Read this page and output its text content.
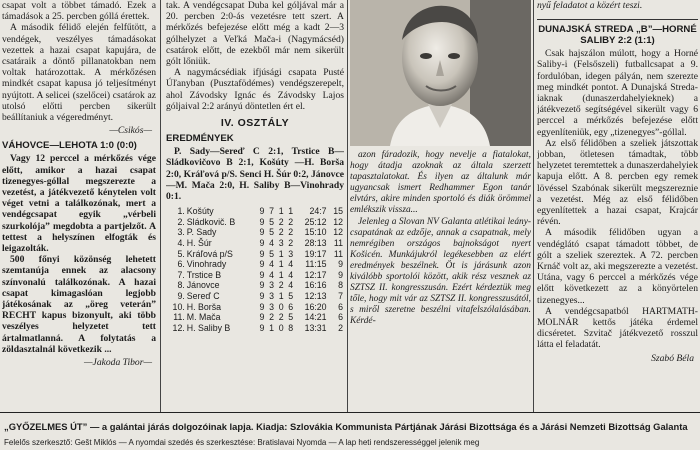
csapat volt a többet támadó. Ezek a támadások a 25. percben góllá érettek.

A második félidő elején felfűtött, a vendégek, veszélyes támadásokat vezettek a hazai csapat kapujára, de csatáraik a döntő pillanatokban nem voltak határozottak. A mérkőzésen mindkét csapat kapusa jó teljesítményt nyújtott. A selicei (szelőcei) csatárok az utolsó előtti percben sikerült beállítaniuk a végeredményt.

—Csikós—
VÁHOVCE—LEHOTA 1:0 (0:0)

Vagy 12 perccel a mérkőzés vége előtt, amikor a hazai csapat tizenegyes-góllal megszerezte a vezetést, a játékvezető kénytelen volt véget vetni a találkozónak, mert a vendégcsapat egyik „vérbeli szurkolója” megdobta a partjelzőt. A tettest a helyszínen elfogták és leigazolták.

500 főnyi közönség lehetett szemtanúja ennek az alacsony színvonalú találkozónak. A hazai csapat kimagaslóan legjobb játékosának az „öreg veterán” RECHT kapus bizonyult, aki több veszélyes helyzetet tett ártalmatlanná. A folytatás a zöldasztalnál következik ...

—Jakoda Tibor—

tak. A vendégcsapat Duba kel góljával már a 20. percben 2:0-ás vezetésre tett szert. A mérkőzés befejezése előtt még a kadt 2—3 gólhelyzet a Veľká Mača-i (Nagymácséd) csatárok előtt, de ezekből már nem sikerült gólt lőniük.

A nagymácsédiak ifjúsági csapata Pusté Úľanyban (Pusztafödémes) vendégszerepelt, ahol Závodsky Ignác és Závodsky Lajos góljaival 2:2 arányú döntetlen ért el.

IV. OSZTÁLY
EREDMÉNYEK

P. Sady—Sereď C 2:1, Trstice B—Sládkovičovo B 2:1, Košúty —H. Borša 2:0, Kráľová p/S. Senci H. Šúr 0:2, Jánovce—M. Mača 2:0, H. Saliby B—Vinohrady 0:1.

1.	Košúty	9	7	1	1	24:7	15
2.	Sládkovič. B	9	5	2	2	25:12	12
3.	P. Sady	9	5	2	2	15:10	12
4.	H. Šúr	9	4	3	2	28:13	11
5.	Kráľová p/S	9	5	1	3	19:17	11
6.	Vinohrady	9	4	1	4	11:15	9
7.	Trstice B	9	4	1	4	12:17	9
8.	Jánovce	9	3	2	4	16:16	8
9.	Sereď C	9	3	1	5	12:13	7
10.	H. Borša	9	3	0	6	16:20	6
11.	M. Mača	9	2	2	5	14:21	6
12.	H. Saliby B	9	1	0	8	13:31	2

azon fáradozik, hogy nevelje a fiatalokat, hogy átadja azoknak az általa szerzett tapasztalatokat. És ilyen az általunk már ugyancsak ismert Redhammer Egon tanár elvtárs, akire minden sportoló és diák örömmel emlékszik vissza...

Jelenleg a Slovan NV Galanta atlétikai leány-csapatának az edzője, annak a csapatnak, mely nemrégiben országos bajnokságot nyert Košicén. Munkájukról legékesebben az elért eredmények beszélnek. Öt is járásunk azon kiválóbb sportolói között, akik rész vesznek az SZTSZ II. kongresszusán. Ezért kérdeztük meg tőle, hogy mit vár az SZTSZ II. kongresszusától, s miről szeretne beszélni vitafelszólalásában. Kérdé-

nyű feladatot a közért teszi.

DUNAJSKÁ STREDA „B”—HORNÉ SALIBY 2:2 (1:1)

Csak hajszálon múlott, hogy a Horné Saliby-i (Felsőszeli) futballcsapat a 9. fordulóban, idegen pályán, nem szerezte meg mindkét pontot. A Dunajská Streda-iaknak (dunaszerdahelyieknek) a játékvezető segítségével sikerült vagy 6 perccel a mérkőzés befejezése előtt egyenlíteniük, egy „tizenegyes”-góllal.

Az első félidőben a szeliek játszottak jobban, ötletesen támadtak, több helyzetet teremtettek a dunaszerdahelyiek kapuja előtt. A 8. percben egy remek lövéssel Szabónak sikerült megszereznie a vezetést. Még az első félidőben egyenlítettek a hazai csapat, Krajcár révén.

A második félidőben ugyan a vendéglátó csapat támadott többet, de gólt a szeliek szereztek. A 72. percben Krnáč volt az, aki megszerezte a vezetést. Utána, vagy 6 perccel a mérkőzés vége előtt következett az a könyörtelen tizenegyes...

A vendégcsapatból HARTMATH-MOLNÁR kettős játéka érdemel dicséretet. Szvitač játékvezető rosszul látta el feladatát.

Szabó Béla
„GYŐZELMES ÚT” — a galántai járás dolgozóinak lapja. Kiadja: Szlovákia Kommunista Pártjának Járási Bizottsága és a Járási Nemzeti Bizottság Galanta
Felelős szerkesztő: Gešt Miklós — A nyomdai szedés és szerkesztése: Bratislavai Nyomda — A lap heti rendszerességgel jelenik meg
